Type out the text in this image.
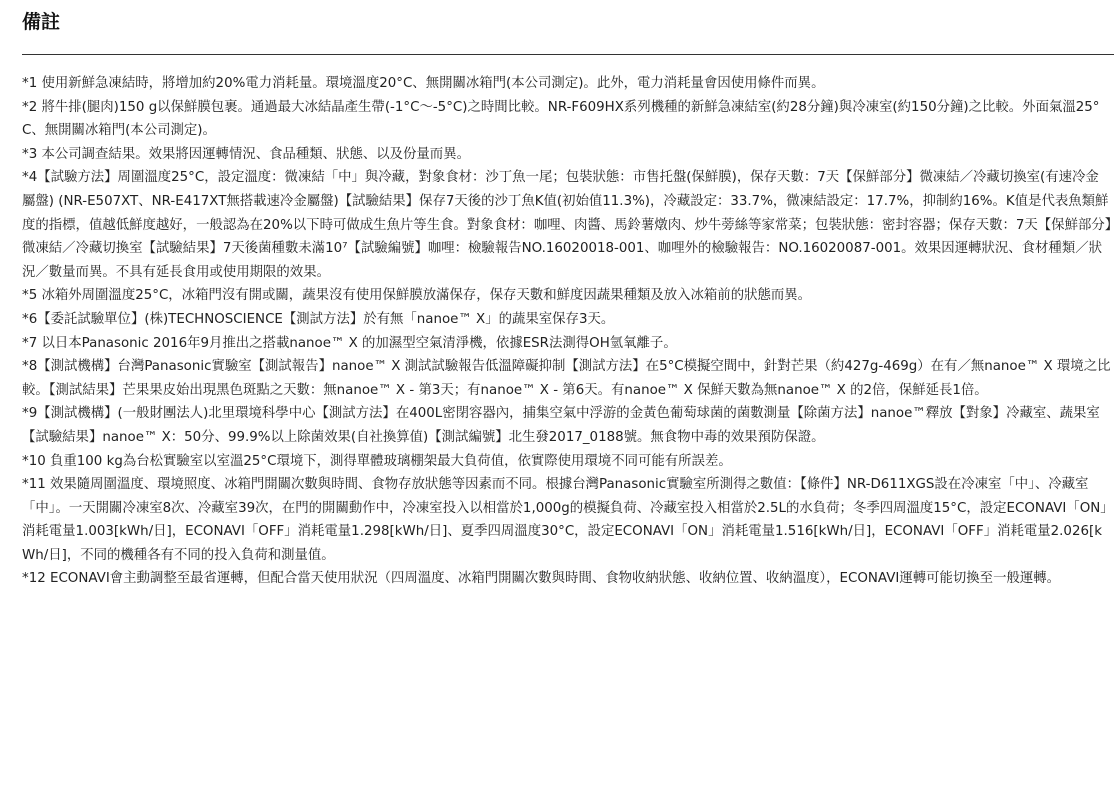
備註
*1 使用新鮮急凍結時，將增加約20%電力消耗量。環境溫度20°C、無開關冰箱門(本公司測定)。此外，電力消耗量會因使用條件而異。
*2 將牛排(腿肉)150 g以保鮮膜包裹。通過最大冰結晶產生帶(-1°C～-5°C)之時間比較。NR-F609HX系列機種的新鮮急凍結室(約28分鐘)與冷凍室(約150分鐘)之比較。外面氣溫25°C、無開關冰箱門(本公司測定)。
*3 本公司調查結果。效果將因運轉情況、食品種類、狀態、以及份量而異。
*4【試驗方法】周圍溫度25°C，設定溫度：微凍結「中」與冷藏，對象食材：沙丁魚一尾；包裝狀態：市售托盤(保鮮膜)，保存天數：7天【保鮮部分】微凍結／冷藏切換室(有速冷金屬盤) (NR-E507XT、NR-E417XT無搭載速冷金屬盤)【試驗結果】保存7天後的沙丁魚K值(初始值11.3%)，冷藏設定：33.7%，微凍結設定：17.7%，抑制約16%。K值是代表魚類鮮度的指標，值越低鮮度越好，一般認為在20%以下時可做成生魚片等生食。對象食材：咖哩、肉醬、馬鈴薯燉肉、炒牛蒡絲等家常菜；包裝狀態：密封容器；保存天數：7天【保鮮部分】微凍結／冷藏切換室【試驗結果】7天後菌種數未滿10⁷【試驗編號】咖哩：檢驗報告NO.16020018-001、咖哩外的檢驗報告：NO.16020087-001。效果因運轉狀況、食材種類／狀況／數量而異。不具有延長食用或使用期限的效果。
*5 冰箱外周圍溫度25°C，冰箱門沒有開或關，蔬果沒有使用保鮮膜放滿保存，保存天數和鮮度因蔬果種類及放入冰箱前的狀態而異。
*6【委託試驗單位】(株)TECHNOSCIENCE【測試方法】於有無「nanoe™ X」的蔬果室保存3天。
*7 以日本Panasonic 2016年9月推出之搭載nanoe™ X 的加濕型空氣清淨機，依據ESR法測得OH氫氧離子。
*8【測試機構】台灣Panasonic實驗室【測試報告】nanoe™ X 測試試驗報告低溫障礙抑制【測試方法】在5°C模擬空間中，針對芒果（約427g-469g）在有／無nanoe™ X 環境之比較。【測試結果】芒果果皮始出現黑色斑點之天數：無nanoe™ X - 第3天；有nanoe™ X - 第6天。有nanoe™ X 保鮮天數為無nanoe™ X 的2倍，保鮮延長1倍。
*9【測試機構】(一般財團法人)北里環境科學中心【測試方法】在400L密閉容器內，捕集空氣中浮游的金黃色葡萄球菌的菌數測量【除菌方法】nanoe™釋放【對象】冷藏室、蔬果室【試驗結果】nanoe™ X：50分、99.9%以上除菌效果(自社換算值)【測試編號】北生發2017_0188號。無食物中毒的效果預防保證。
*10 負重100 kg為台松實驗室以室溫25°C環境下，測得單體玻璃棚架最大負荷值，依實際使用環境不同可能有所誤差。
*11 效果隨周圍溫度、環境照度、冰箱門開關次數與時間、食物存放狀態等因素而不同。根據台灣Panasonic實驗室所測得之數值：【條件】NR-D611XGS設在冷凍室「中」、冷藏室「中」。一天開關冷凍室8次、冷藏室39次，在門的開關動作中，冷凍室投入以相當於1,000g的模擬負荷、冷藏室投入相當於2.5L的水負荷；冬季四周溫度15°C，設定ECONAVI「ON」消耗電量1.003[kWh/日]，ECONAVI「OFF」消耗電量1.298[kWh/日]、夏季四周溫度30°C，設定ECONAVI「ON」消耗電量1.516[kWh/日]，ECONAVI「OFF」消耗電量2.026[kWh/日]，不同的機種各有不同的投入負荷和測量值。
*12 ECONAVI會主動調整至最省運轉，但配合當天使用狀況（四周溫度、冰箱門開關次數與時間、食物收納狀態、收納位置、收納溫度），ECONAVI運轉可能切換至一般運轉。
